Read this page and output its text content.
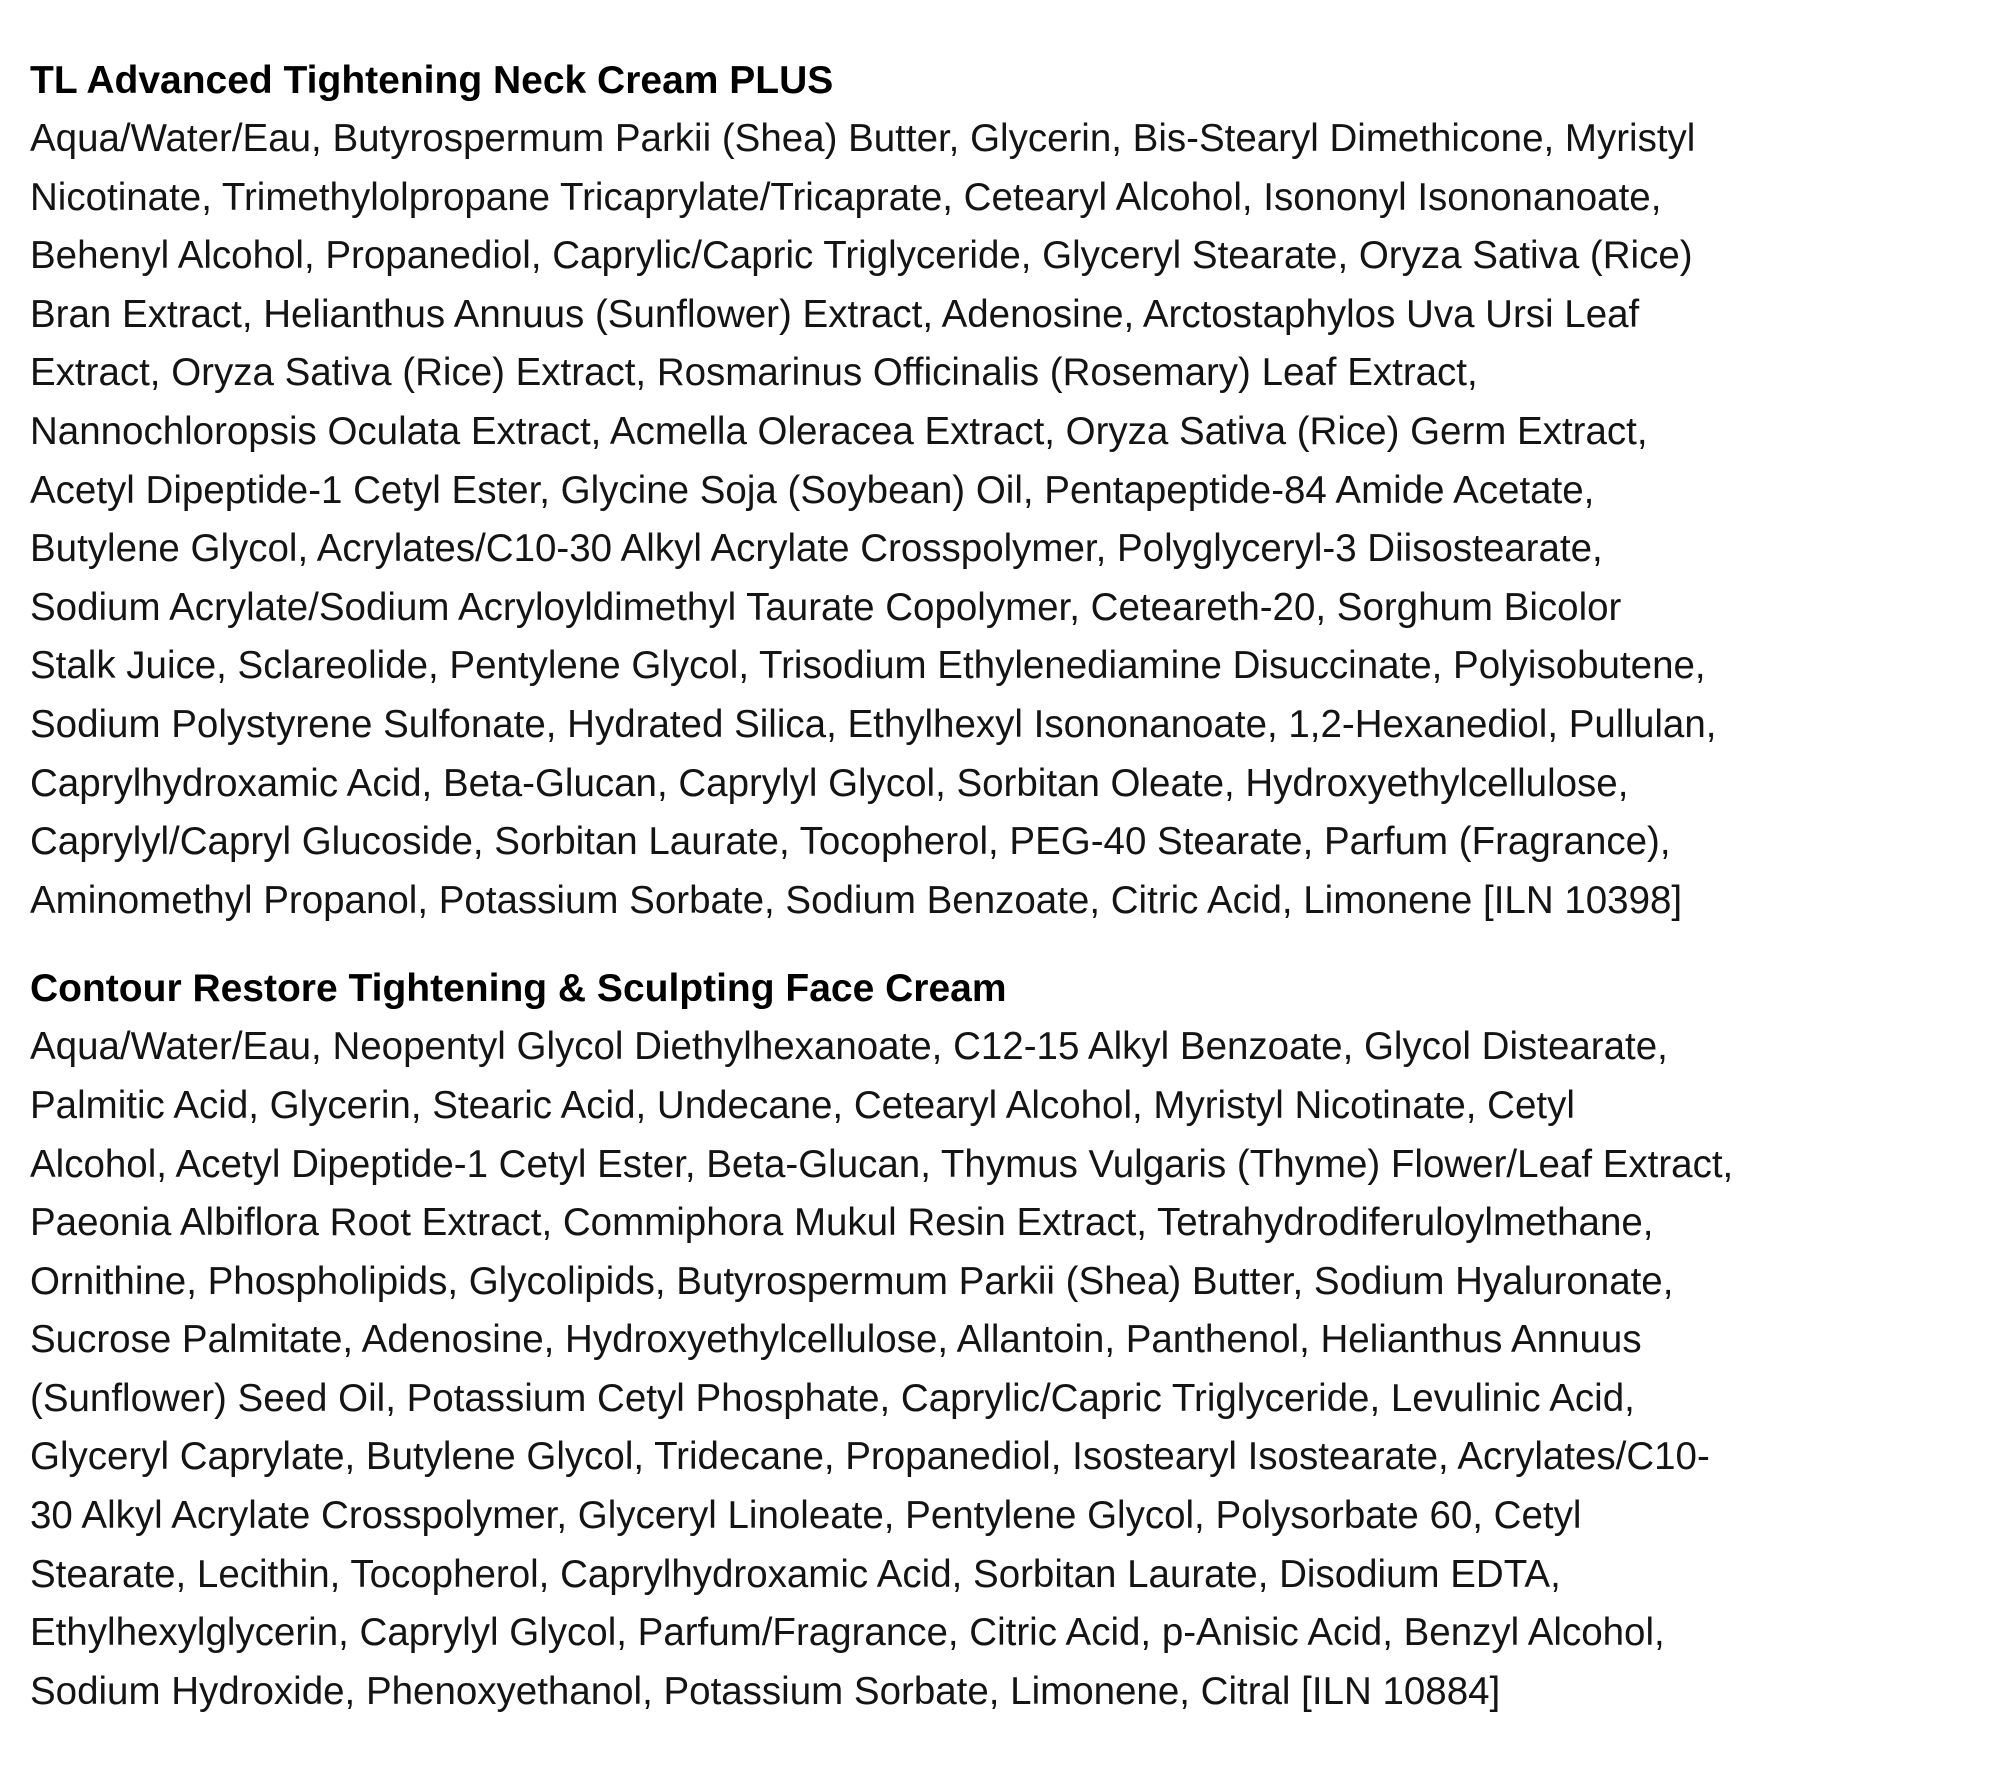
TL Advanced Tightening Neck Cream PLUS

Aqua/Water/Eau, Butyrospermum Parkii (Shea) Butter, Glycerin, Bis-Stearyl Dimethicone, Myristyl
Nicotinate, Trimethylolpropane Tricaprylate/Tricaprate, Cetearyl Alcohol, Isononyl Isononanoate,
Behenyl Alcohol, Propanediol, Caprylic/Capric Triglyceride, Glyceryl Stearate, Oryza Sativa (Rice)
Bran Extract, Helianthus Annuus (Sunflower) Extract, Adenosine, Arctostaphylos Uva Ursi Leaf
Extract, Oryza Sativa (Rice) Extract, Rosmarinus Officinalis (Rosemary) Leaf Extract,
Nannochloropsis Oculata Extract, Acmella Oleracea Extract, Oryza Sativa (Rice) Germ Extract,
Acetyl Dipeptide-1 Cetyl Ester, Glycine Soja (Soybean) Oil, Pentapeptide-84 Amide Acetate,
Butylene Glycol, Acrylates/C10-30 Alkyl Acrylate Crosspolymer, Polyglyceryl-3 Diisostearate,
Sodium Acrylate/Sodium Acryloyldimethyl Taurate Copolymer, Ceteareth-20, Sorghum Bicolor
Stalk Juice, Sclareolide, Pentylene Glycol, Trisodium Ethylenediamine Disuccinate, Polyisobutene,
Sodium Polystyrene Sulfonate, Hydrated Silica, Ethylhexyl Isononanoate, 1,2-Hexanediol, Pullulan,
Caprylhydroxamic Acid, Beta-Glucan, Caprylyl Glycol, Sorbitan Oleate, Hydroxyethylcellulose,
Caprylyl/Capryl Glucoside, Sorbitan Laurate, Tocopherol, PEG-40 Stearate, Parfum (Fragrance),
Aminomethyl Propanol, Potassium Sorbate, Sodium Benzoate, Citric Acid, Limonene [ILN 10398]

Contour Restore Tightening & Sculpting Face Cream

Aqua/Water/Eau, Neopentyl Glycol Diethylhexanoate, C12-15 Alkyl Benzoate, Glycol Distearate,
Palmitic Acid, Glycerin, Stearic Acid, Undecane, Cetearyl Alcohol, Myristyl Nicotinate, Cetyl
Alcohol, Acetyl Dipeptide-1 Cetyl Ester, Beta-Glucan, Thymus Vulgaris (Thyme) Flower/Leaf Extract,
Paeonia Albiflora Root Extract, Commiphora Mukul Resin Extract, Tetrahydrodiferuloylmethane,
Ornithine, Phospholipids, Glycolipids, Butyrospermum Parkii (Shea) Butter, Sodium Hyaluronate,
Sucrose Palmitate, Adenosine, Hydroxyethylcellulose, Allantoin, Panthenol, Helianthus Annuus
(Sunflower) Seed Oil, Potassium Cetyl Phosphate, Caprylic/Capric Triglyceride, Levulinic Acid,
Glyceryl Caprylate, Butylene Glycol, Tridecane, Propanediol, Isostearyl Isostearate, Acrylates/C10-
30 Alkyl Acrylate Crosspolymer, Glyceryl Linoleate, Pentylene Glycol, Polysorbate 60, Cetyl
Stearate, Lecithin, Tocopherol, Caprylhydroxamic Acid, Sorbitan Laurate, Disodium EDTA,
Ethylhexylglycerin, Caprylyl Glycol, Parfum/Fragrance, Citric Acid, p-Anisic Acid, Benzyl Alcohol,
Sodium Hydroxide, Phenoxyethanol, Potassium Sorbate, Limonene, Citral [ILN 10884]
